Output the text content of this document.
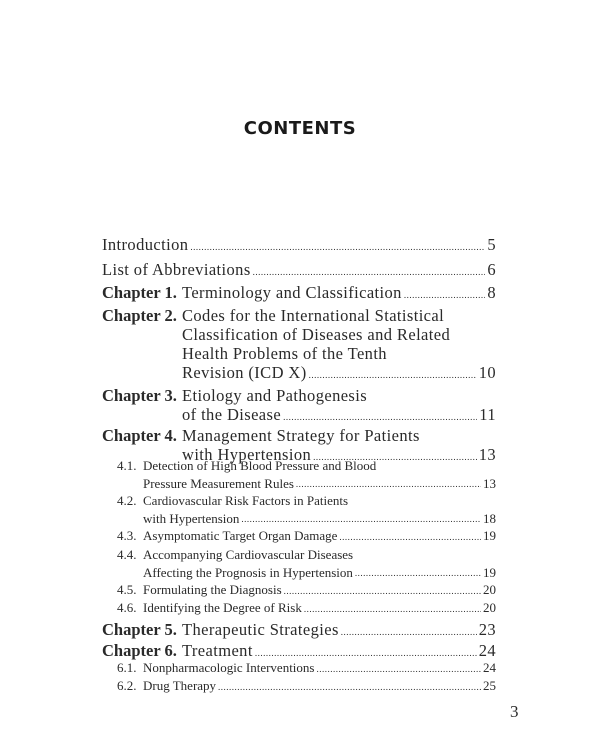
CONTENTS
Introduction .....	5
List of Abbreviations .....	6
Chapter 1. Terminology and Classification .....	8
Chapter 2. Codes for the International Statistical
Classification of Diseases and Related
Health Problems of the Tenth
Revision (ICD X) .....	10
Chapter 3. Etiology and Pathogenesis
of the Disease .....	11
Chapter 4. Management Strategy for Patients
with Hypertension .....	13
4.1. Detection of High Blood Pressure and Blood
Pressure Measurement Rules .....	13
4.2. Cardiovascular Risk Factors in Patients
with Hypertension .....	18
4.3. Asymptomatic Target Organ Damage .....	19
4.4. Accompanying Cardiovascular Diseases
Affecting the Prognosis in Hypertension .....	19
4.5. Formulating the Diagnosis .....	20
4.6. Identifying the Degree of Risk .....	20
Chapter 5. Therapeutic Strategies .....	23
Chapter 6. Treatment .....	24
6.1. Nonpharmacologic Interventions .....	24
6.2. Drug Therapy .....	25
3
